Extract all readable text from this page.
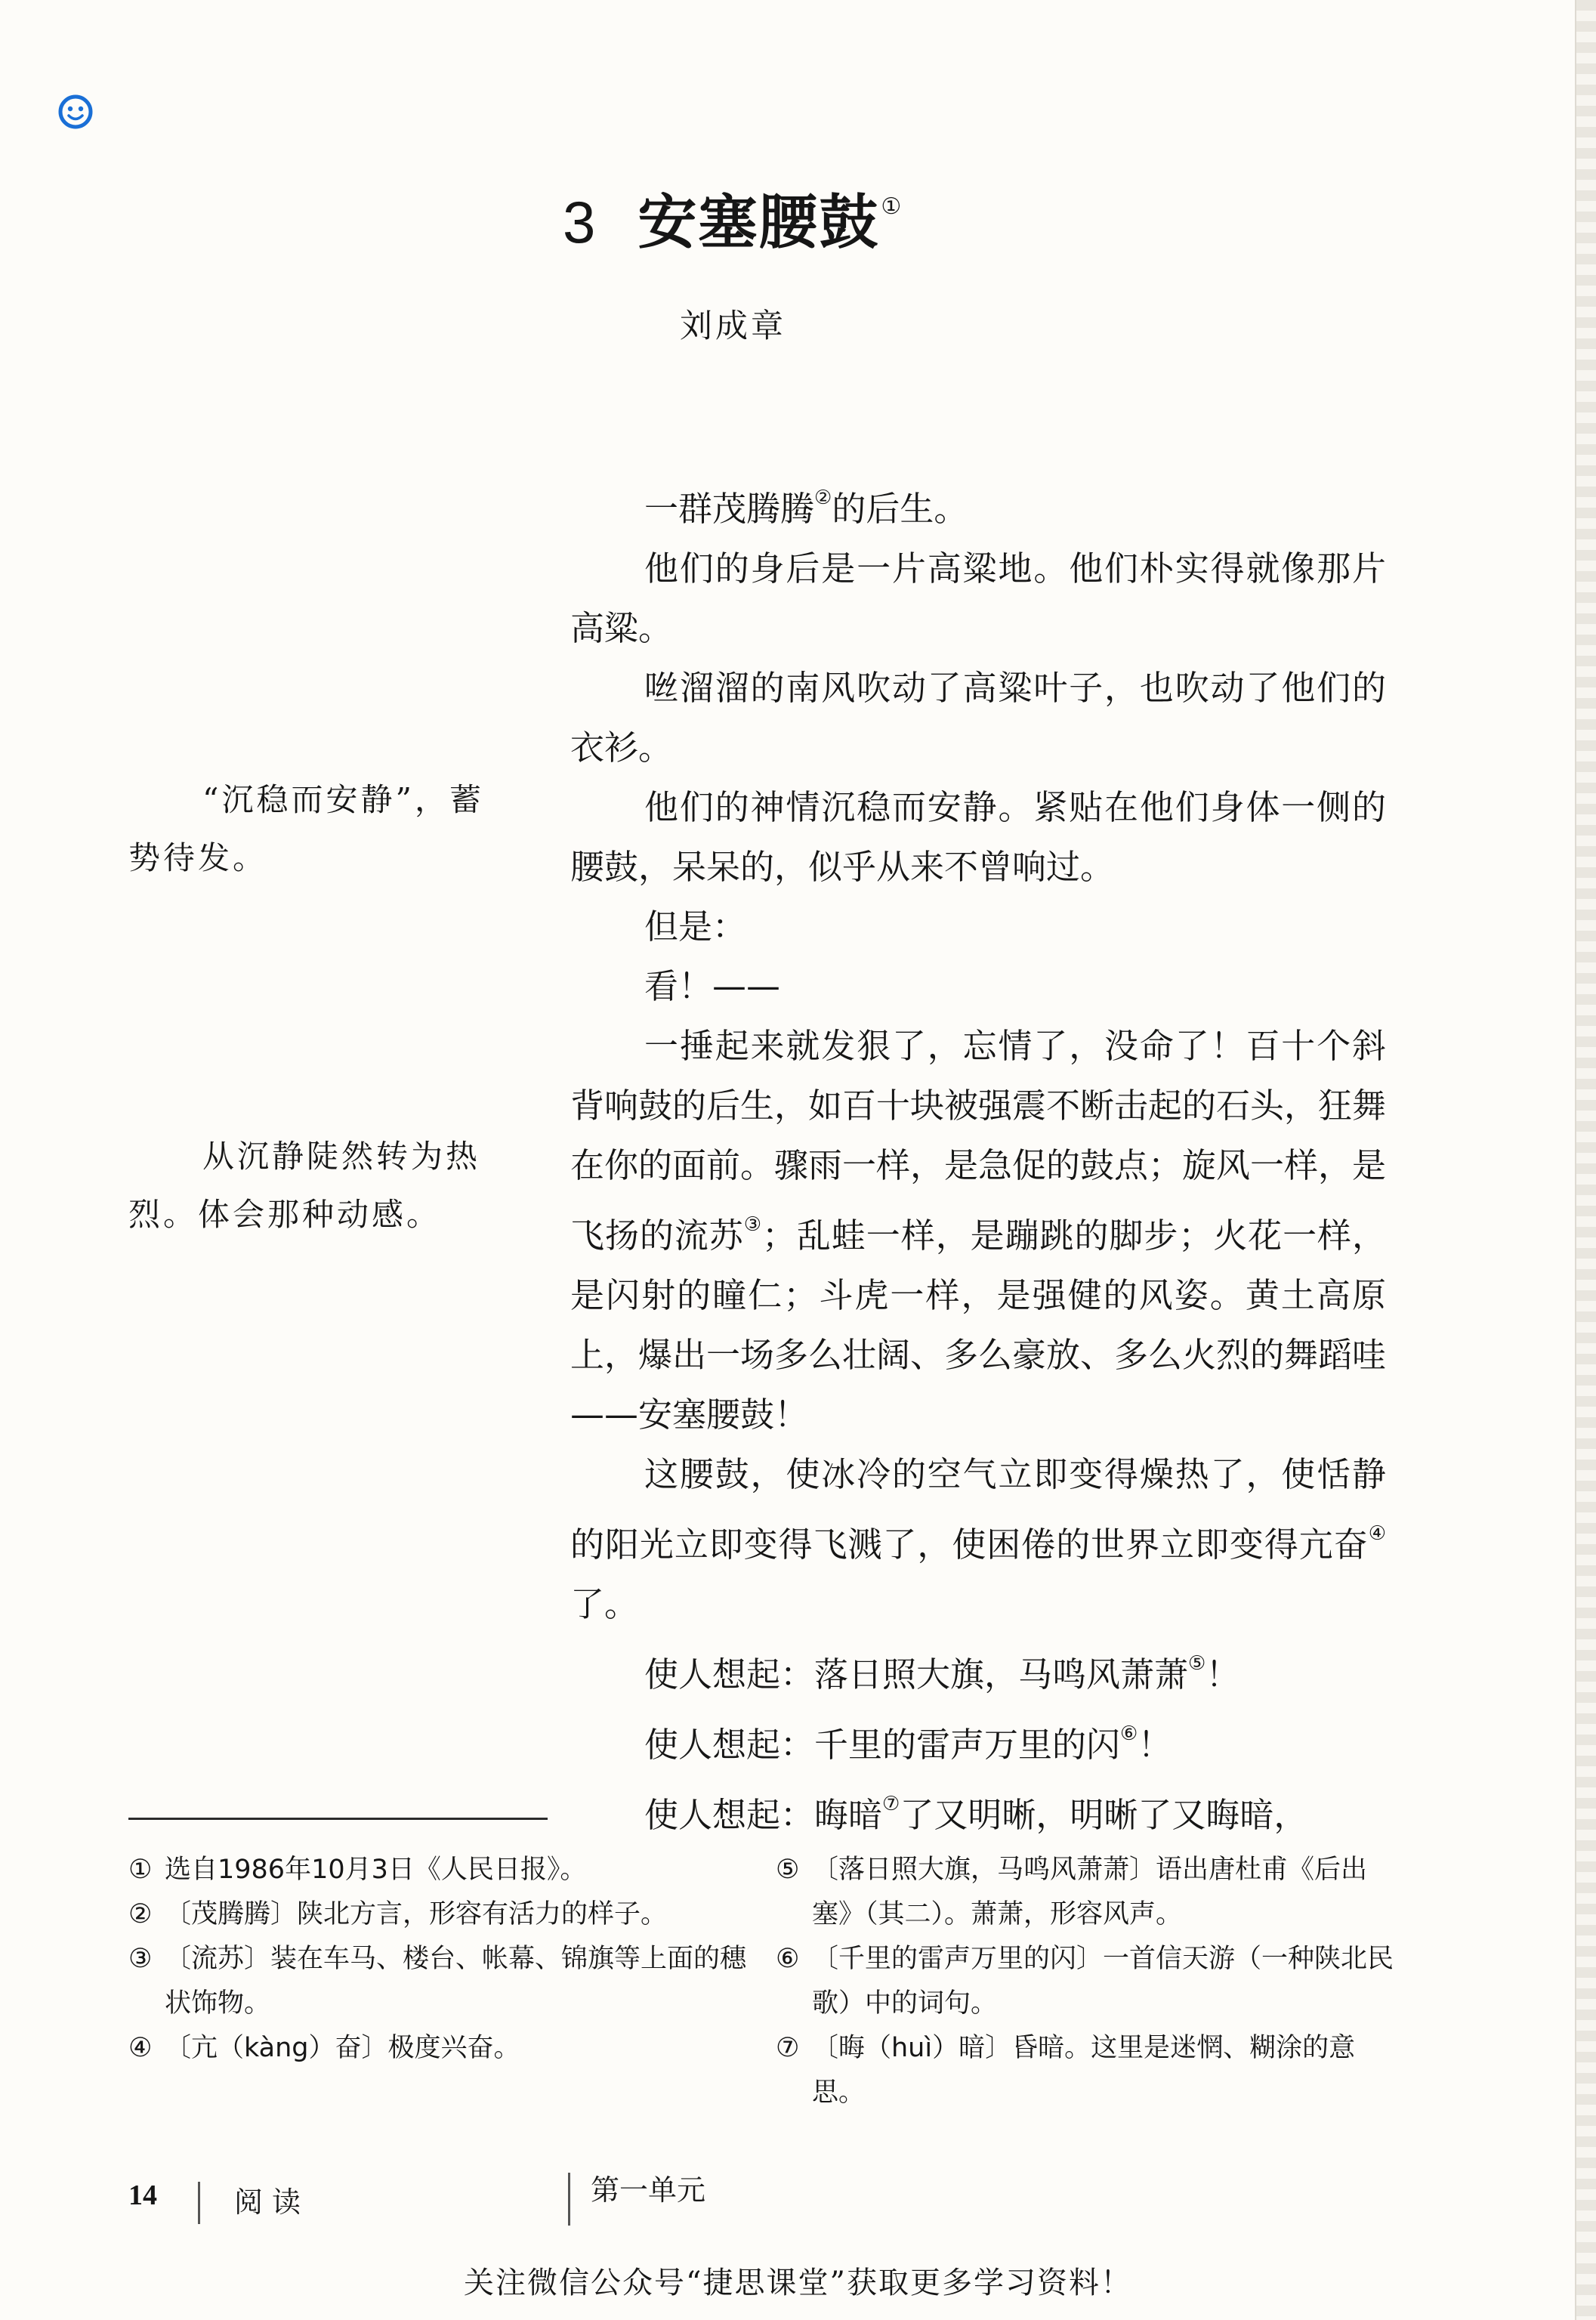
3 安塞腰鼓①
刘成章

一群茂腾腾②的后生。

他们的身后是一片高粱地。他们朴实得就像那片高粱。

咝溜溜的南风吹动了高粱叶子，也吹动了他们的衣衫。

他们的神情沉稳而安静。紧贴在他们身体一侧的腰鼓，呆呆的，似乎从来不曾响过。

但是：

看！——

一捶起来就发狠了，忘情了，没命了！百十个斜背响鼓的后生，如百十块被强震不断击起的石头，狂舞在你的面前。骤雨一样，是急促的鼓点；旋风一样，是飞扬的流苏③；乱蛙一样，是蹦跳的脚步；火花一样，是闪射的瞳仁；斗虎一样，是强健的风姿。黄土高原上，爆出一场多么壮阔、多么豪放、多么火烈的舞蹈哇——安塞腰鼓！

这腰鼓，使冰冷的空气立即变得燥热了，使恬静的阳光立即变得飞溅了，使困倦的世界立即变得亢奋④了。

使人想起：落日照大旗，马鸣风萧萧⑤！

使人想起：千里的雷声万里的闪⑥！

使人想起：晦暗⑦了又明晰，明晰了又晦暗，

“沉稳而安静”，蓄势待发。
从沉静陡然转为热烈。体会那种动感。
① 选自1986年10月3日《人民日报》。
② 〔茂腾腾〕陕北方言，形容有活力的样子。
③ 〔流苏〕装在车马、楼台、帐幕、锦旗等上面的穗状饰物。
④ 〔亢（kàng）奋〕极度兴奋。
⑤ 〔落日照大旗，马鸣风萧萧〕语出唐杜甫《后出塞》（其二）。萧萧，形容风声。
⑥ 〔千里的雷声万里的闪〕一首信天游（一种陕北民歌）中的词句。
⑦ 〔晦（huì）暗〕昏暗。这里是迷惘、糊涂的意思。
14	阅读	第一单元
关注微信公众号“捷思课堂”获取更多学习资料！
